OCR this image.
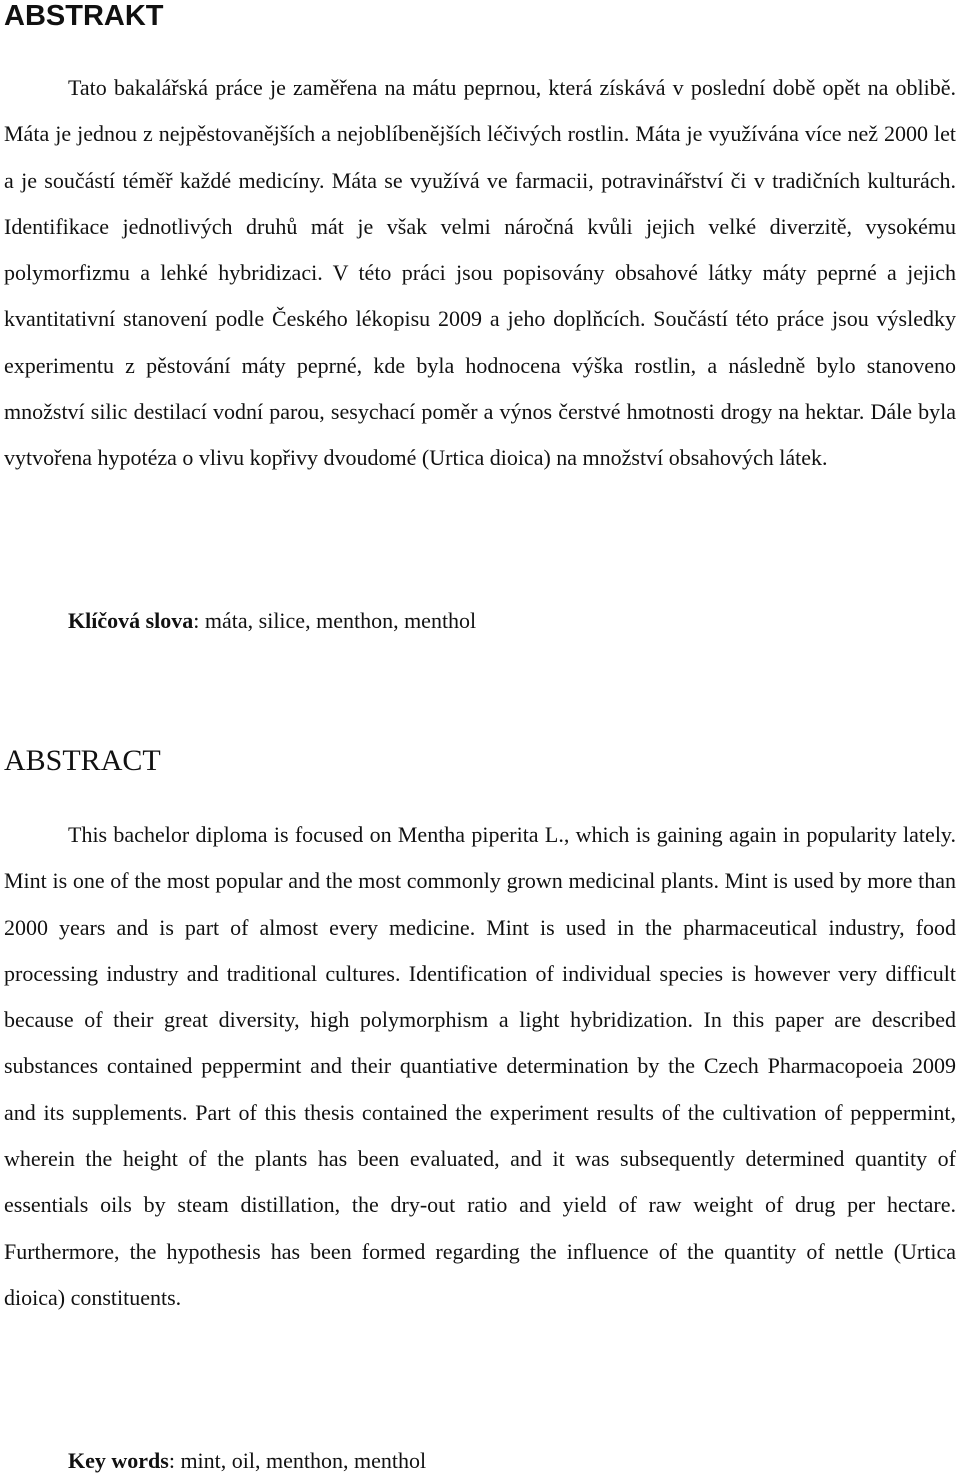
ABSTRAKT

Tato bakalářská práce je zaměřena na mátu peprnou, která získává v poslední době opět na oblibě. Máta je jednou z nejpěstovanějších a nejoblíbenějších léčivých rostlin. Máta je využívána více než 2000 let a je součástí téměř každé medicíny. Máta se využívá ve farmacii, potravinářství či v tradičních kulturách. Identifikace jednotlivých druhů mát je však velmi náročná kvůli jejich velké diverzitě, vysokému polymorfizmu a lehké hybridizaci. V této práci jsou popisovány obsahové látky máty peprné a jejich kvantitativní stanovení podle Českého lékopisu 2009 a jeho doplňcích. Součástí této práce jsou výsledky experimentu z pěstování máty peprné, kde byla hodnocena výška rostlin, a následně bylo stanoveno množství silic destilací vodní parou, sesychací poměr a výnos čerstvé hmotnosti drogy na hektar. Dále byla vytvořena hypotéza o vlivu kopřivy dvoudomé (Urtica dioica) na množství obsahových látek.

Klíčová slova: máta, silice, menthon, menthol

ABSTRACT

This bachelor diploma is focused on Mentha piperita L., which is gaining again in popularity lately. Mint is one of the most popular and the most commonly grown medicinal plants. Mint is used by more than 2000 years and is part of almost every medicine. Mint is used in the pharmaceutical industry, food processing industry and traditional cultures. Identification of individual species is however very difficult because of their great diversity, high polymorphism a light hybridization. In this paper are described substances contained peppermint and their quantiative determination by the Czech Pharmacopoeia 2009 and its supplements. Part of this thesis contained the experiment results of the cultivation of peppermint, wherein the height of the plants has been evaluated, and it was subsequently determined quantity of essentials oils by steam distillation, the dry-out ratio and yield of raw weight of drug per hectare. Furthermore, the hypothesis has been formed regarding the influence of the quantity of nettle (Urtica dioica) constituents.

Key words: mint, oil, menthon, menthol
